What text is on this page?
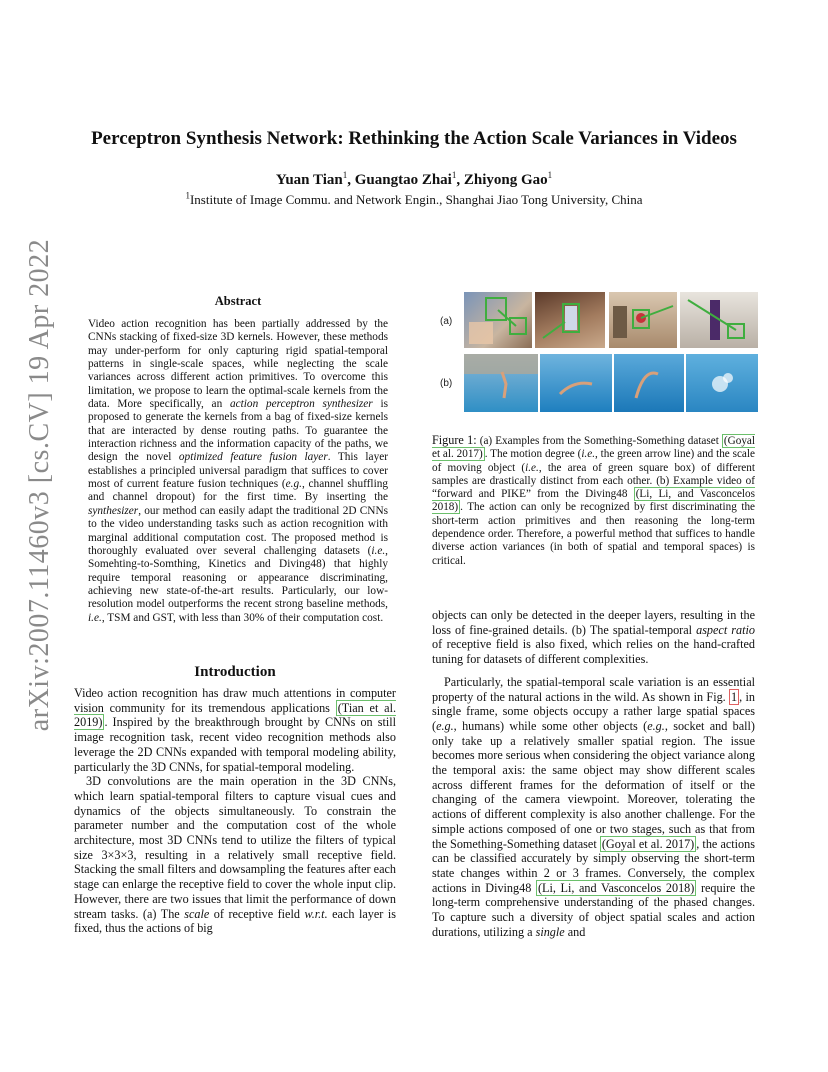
arXiv:2007.11460v3 [cs.CV] 19 Apr 2022
Perceptron Synthesis Network: Rethinking the Action Scale Variances in Videos
Yuan Tian$^1$, Guangtao Zhai$^1$, Zhiyong Gao$^1$
$^1$Institute of Image Commu. and Network Engin., Shanghai Jiao Tong University, China
Abstract

Video action recognition has been partially addressed by the CNNs stacking of fixed-size 3D kernels. However, these methods may under-perform for only capturing rigid spatial-temporal patterns in single-scale spaces, while neglecting the scale variances across different action primitives. To overcome this limitation, we propose to learn the optimal-scale kernels from the data. More specifically, an action perceptron synthesizer is proposed to generate the kernels from a bag of fixed-size kernels that are interacted by dense routing paths. To guarantee the interaction richness and the information capacity of the paths, we design the novel optimized feature fusion layer. This layer establishes a principled universal paradigm that suffices to cover most of current feature fusion techniques (e.g., channel shuffling and channel dropout) for the first time. By inserting the synthesizer, our method can easily adapt the traditional 2D CNNs to the video understanding tasks such as action recognition with marginal additional computation cost. The proposed method is thoroughly evaluated over several challenging datasets (i.e., Somehting-to-Somthing, Kinetics and Diving48) that highly require temporal reasoning or appearance discriminating, achieving new state-of-the-art results. Particularly, our low-resolution model outperforms the recent strong baseline methods, i.e., TSM and GST, with less than 30% of their computation cost.

Introduction

Video action recognition has draw much attentions in computer vision community for its tremendous applications (Tian et al. 2019) . Inspired by the breakthrough brought by CNNs on still image recognition task, recent video recognition methods also leverage the 2D CNNs expanded with temporal modeling ability, particularly the 3D CNNs, for spatial-temporal modeling.

3D convolutions are the main operation in the 3D CNNs, which learn spatial-temporal filters to capture visual cues and dynamics of the objects simultaneously. To constrain the parameter number and the computation cost of the whole architecture, most 3D CNNs tend to utilize the filters of typical size 3×3×3, resulting in a relatively small receptive field. Stacking the small filters and dowsampling the features after each stage can enlarge the receptive field to cover the whole input clip. However, there are two issues that limit the performance of down stream tasks. (a) The scale of receptive field w.r.t. each layer is fixed, thus the actions of big

(a)
(b)

Figure 1: (a) Examples from the Something-Something dataset (Goyal et al. 2017) . The motion degree (i.e., the green arrow line) and the scale of moving object (i.e., the area of green square box) of different samples are drastically distinct from each other. (b) Example video of “forward and PIKE” from the Diving48 (Li, Li, and Vasconcelos 2018) . The action can only be recognized by first discriminating the short-term action primitives and then reasoning the long-term dependence order. Therefore, a powerful method that suffices to handle diverse action variances (in both of spatial and temporal spaces) is critical.

objects can only be detected in the deeper layers, resulting in the loss of fine-grained details. (b) The spatial-temporal aspect ratio of receptive field is also fixed, which relies on the hand-crafted tuning for datasets of different complexities.

Particularly, the spatial-temporal scale variation is an essential property of the natural actions in the wild. As shown in Fig. 1 , in single frame, some objects occupy a rather large spatial spaces (e.g., humans) while some other objects (e.g., socket and ball) only take up a relatively smaller spatial region. The issue becomes more serious when considering the object variance along the temporal axis: the same object may show different scales across different frames for the deformation of itself or the changing of the camera viewpoint. Moreover, tolerating the actions of different complexity is also another challenge. For the simple actions composed of one or two stages, such as that from the Something-Something dataset (Goyal et al. 2017) , the actions can be classified accurately by simply observing the short-term state changes within 2 or 3 frames. Conversely, the complex actions in Diving48 (Li, Li, and Vasconcelos 2018) require the long-term comprehensive understanding of the phased changes. To capture such a diversity of object spatial scales and action durations, utilizing a single and
